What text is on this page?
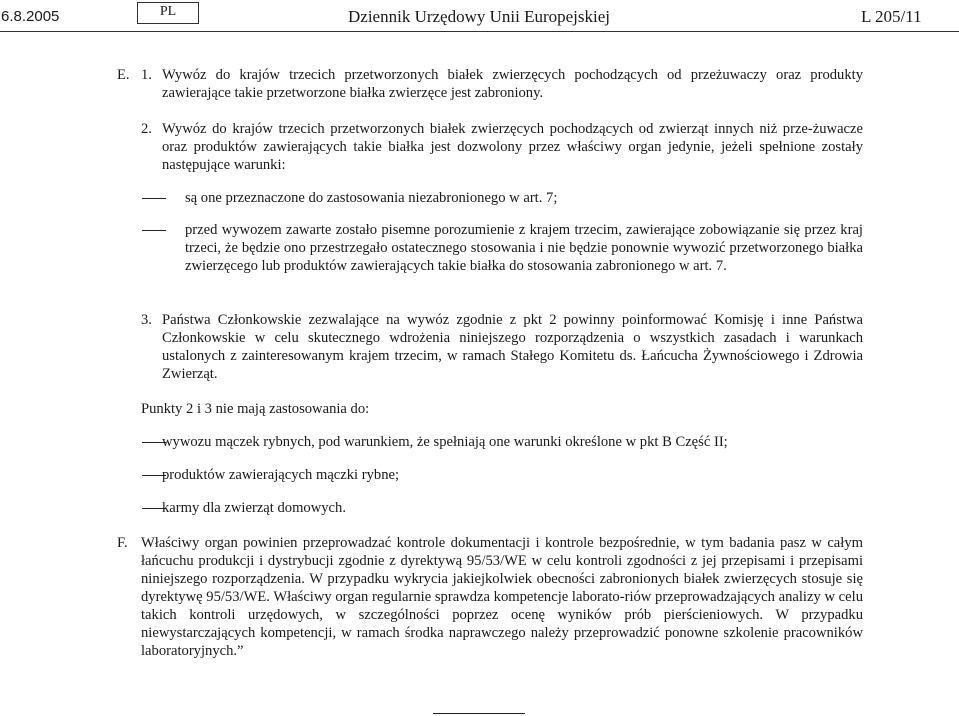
6.8.2005	PL	Dziennik Urzędowy Unii Europejskiej	L 205/11
E. 1. Wywóz do krajów trzecich przetworzonych białek zwierzęcych pochodzących od przeżuwaczy oraz produkty zawierające takie przetworzone białka zwierzęce jest zabroniony.
2. Wywóz do krajów trzecich przetworzonych białek zwierzęcych pochodzących od zwierząt innych niż prze-żuwacze oraz produktów zawierających takie białka jest dozwolony przez właściwy organ jedynie, jeżeli spełnione zostały następujące warunki:
są one przeznaczone do zastosowania niezabronionego w art. 7;
przed wywozem zawarte zostało pisemne porozumienie z krajem trzecim, zawierające zobowiązanie się przez kraj trzeci, że będzie ono przestrzegało ostatecznego stosowania i nie będzie ponownie wywozić przetworzonego białka zwierzęcego lub produktów zawierających takie białka do stosowania zabronionego w art. 7.
3. Państwa Członkowskie zezwalające na wywóz zgodnie z pkt 2 powinny poinformować Komisję i inne Państwa Członkowskie w celu skutecznego wdrożenia niniejszego rozporządzenia o wszystkich zasadach i warunkach ustalonych z zainteresowanym krajem trzecim, w ramach Stałego Komitetu ds. Łańcucha Żywnościowego i Zdrowia Zwierząt.
Punkty 2 i 3 nie mają zastosowania do:
wywozu mączek rybnych, pod warunkiem, że spełniają one warunki określone w pkt B Część II;
produktów zawierających mączki rybne;
karmy dla zwierząt domowych.
F. Właściwy organ powinien przeprowadzać kontrole dokumentacji i kontrole bezpośrednie, w tym badania pasz w całym łańcuchu produkcji i dystrybucji zgodnie z dyrektywą 95/53/WE w celu kontroli zgodności z jej przepisami i przepisami niniejszego rozporządzenia. W przypadku wykrycia jakiejkolwiek obecności zabronionych białek zwierzęcych stosuje się dyrektywę 95/53/WE. Właściwy organ regularnie sprawdza kompetencje laborato-riów przeprowadzających analizy w celu takich kontroli urzędowych, w szczególności poprzez ocenę wyników prób pierścieniowych. W przypadku niewystarczających kompetencji, w ramach środka naprawczego należy przeprowadzić ponowne szkolenie pracowników laboratoryjnych.”
